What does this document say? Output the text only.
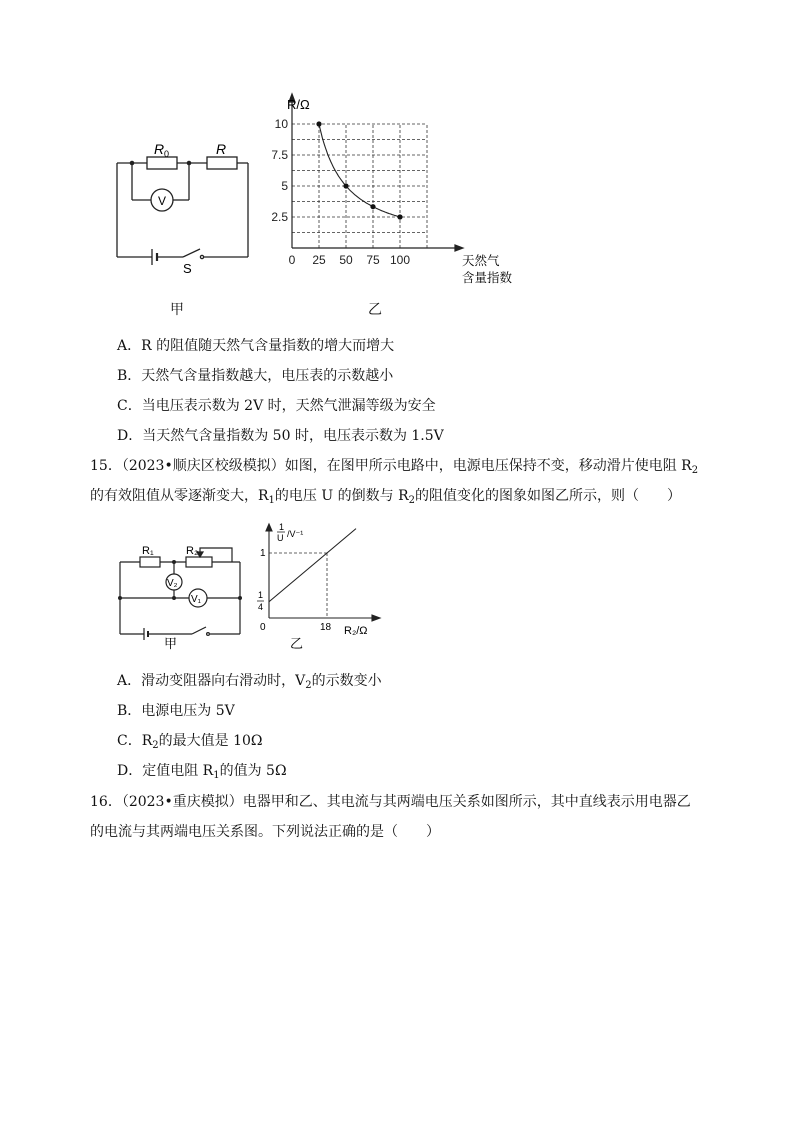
R 0	R
V
S
甲
10
7.5
5
2.5
0 25 50 75 100
R/Ω
天然气
含量指数
乙
A．R 的阻值随天然气含量指数的增大而增大
B．天然气含量指数越大，电压表的示数越小
C．当电压表示数为 2V 时，天然气泄漏等级为安全
D．当天然气含量指数为 50 时，电压表示数为 1.5V
15．（2023•顺庆区校级模拟）如图，在图甲所示电路中，电源电压保持不变，移动滑片使电阻 $R_2$
的有效阻值从零逐渐变大，$R_1$的电压 U 的倒数与 $R_2$的阻值变化的图象如图乙所示，则（　　）
R₁	R₂
V₂
V₁
甲
1
U /V⁻¹
1
1
4
0	18 R₂/Ω
乙
A．滑动变阻器向右滑动时，$V_2$的示数变小
B．电源电压为 5V
C．$R_2$的最大值是 10Ω
D．定值电阻 $R_1$的值为 5Ω
16．（2023•重庆模拟）电器甲和乙、其电流与其两端电压关系如图所示，其中直线表示用电器乙
的电流与其两端电压关系图。下列说法正确的是（　　）
